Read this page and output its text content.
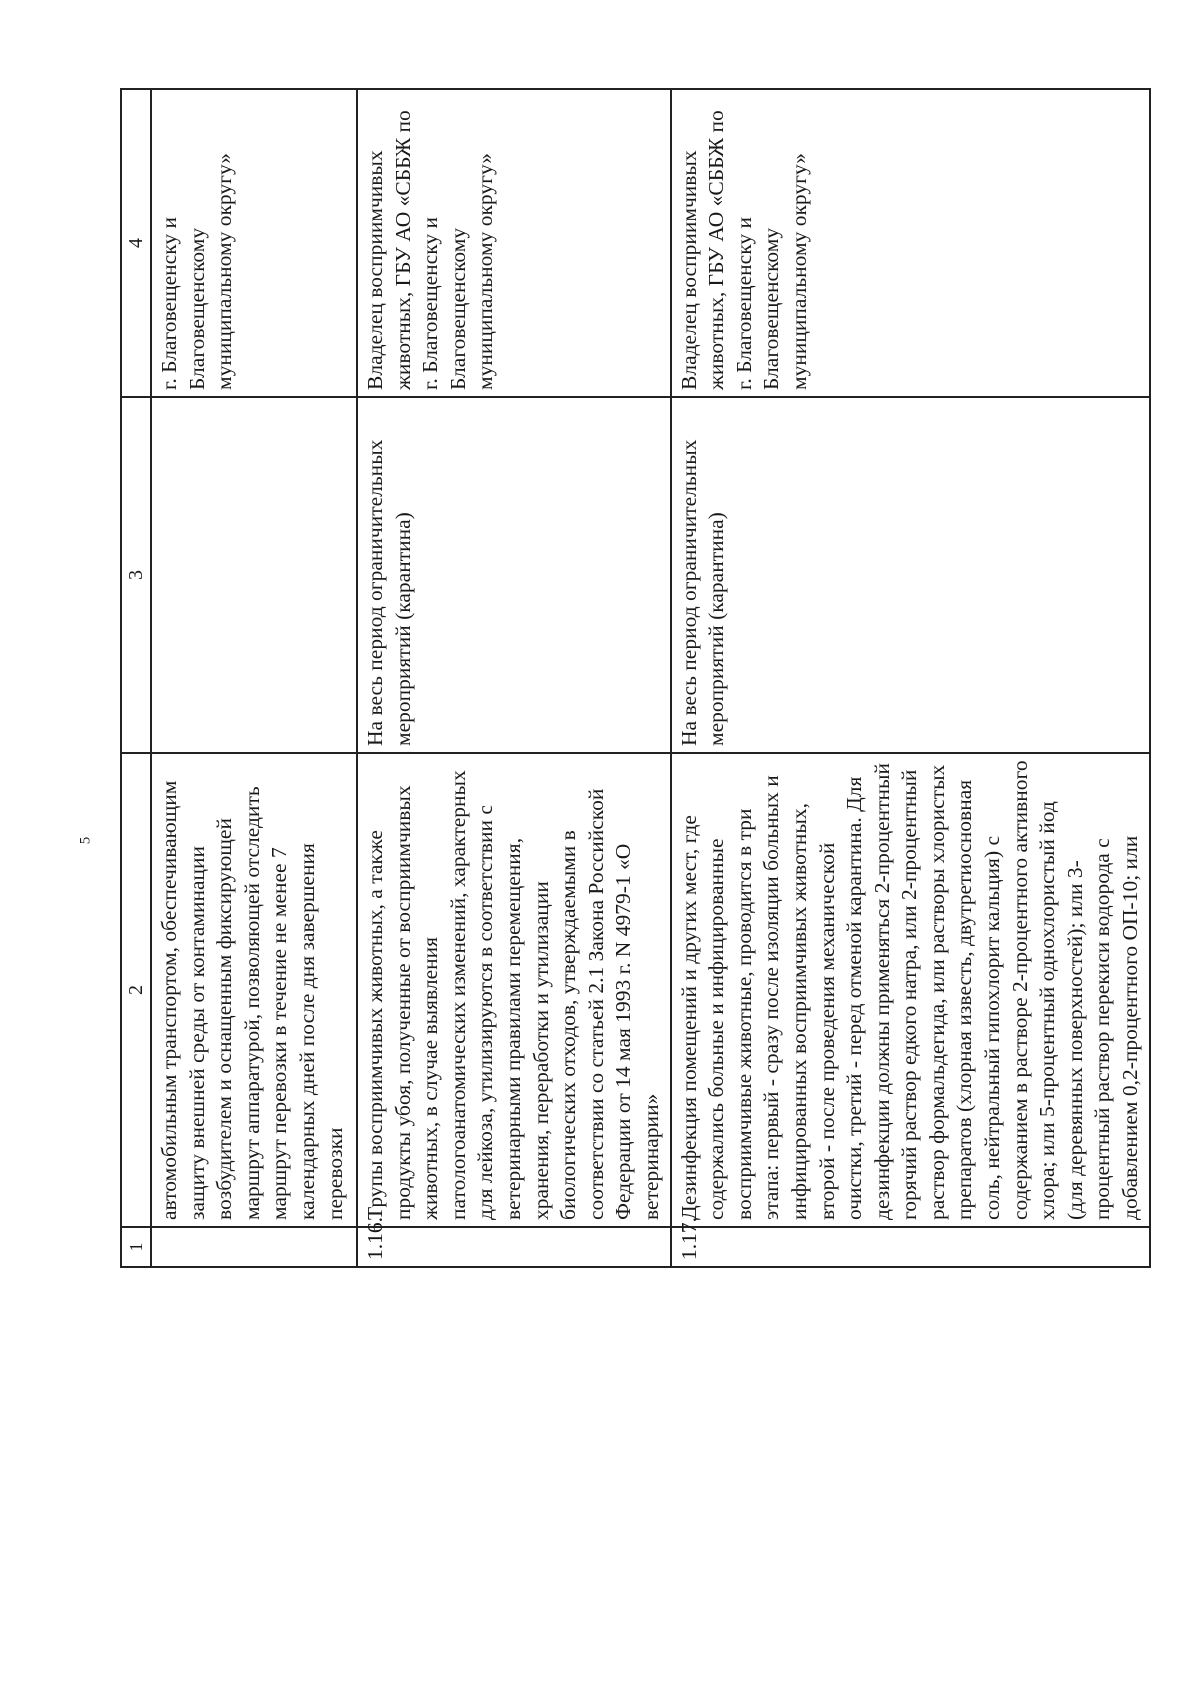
5
1	2	3	4
	автомобильным транспортом, обеспечивающим защиту внешней среды от контаминации возбудителем и оснащенным фиксирующей маршрут аппаратурой, позволяющей отследить маршрут перевозки в течение не менее 7 календарных дней после дня завершения перевозки		г. Благовещенску и Благовещенскому муниципальному округу»
1.16.	Трупы восприимчивых животных, а также продукты убоя, полученные от восприимчивых животных, в случае выявления патологоанатомических изменений, характерных для лейкоза, утилизируются в соответствии с ветеринарными правилами перемещения, хранения, переработки и утилизации биологических отходов, утверждаемыми в соответствии со статьей 2.1 Закона Российской Федерации от 14 мая 1993 г. N 4979-1 «О ветеринарии»	На весь период ограничительных мероприятий (карантина)	Владелец восприимчивых животных, ГБУ АО «СББЖ по г. Благовещенску и Благовещенскому муниципальному округу»
1.17.	Дезинфекция помещений и других мест, где содержались больные и инфицированные восприимчивые животные, проводится в три этапа: первый - сразу после изоляции больных и инфицированных восприимчивых животных, второй - после проведения механической очистки, третий - перед отменой карантина. Для дезинфекции должны применяться 2-процентный горячий раствор едкого натра, или 2-процентный раствор формальдегида, или растворы хлористых препаратов (хлорная известь, двутретиосновная соль, нейтральный гипохлорит кальция) с содержанием в растворе 2-процентного активного хлора; или 5-процентный однохлористый йод (для деревянных поверхностей); или 3-процентный раствор перекиси водорода с добавлением 0,2-процентного ОП-10; или	На весь период ограничительных мероприятий (карантина)	Владелец восприимчивых животных, ГБУ АО «СББЖ по г. Благовещенску и Благовещенскому муниципальному округу»
